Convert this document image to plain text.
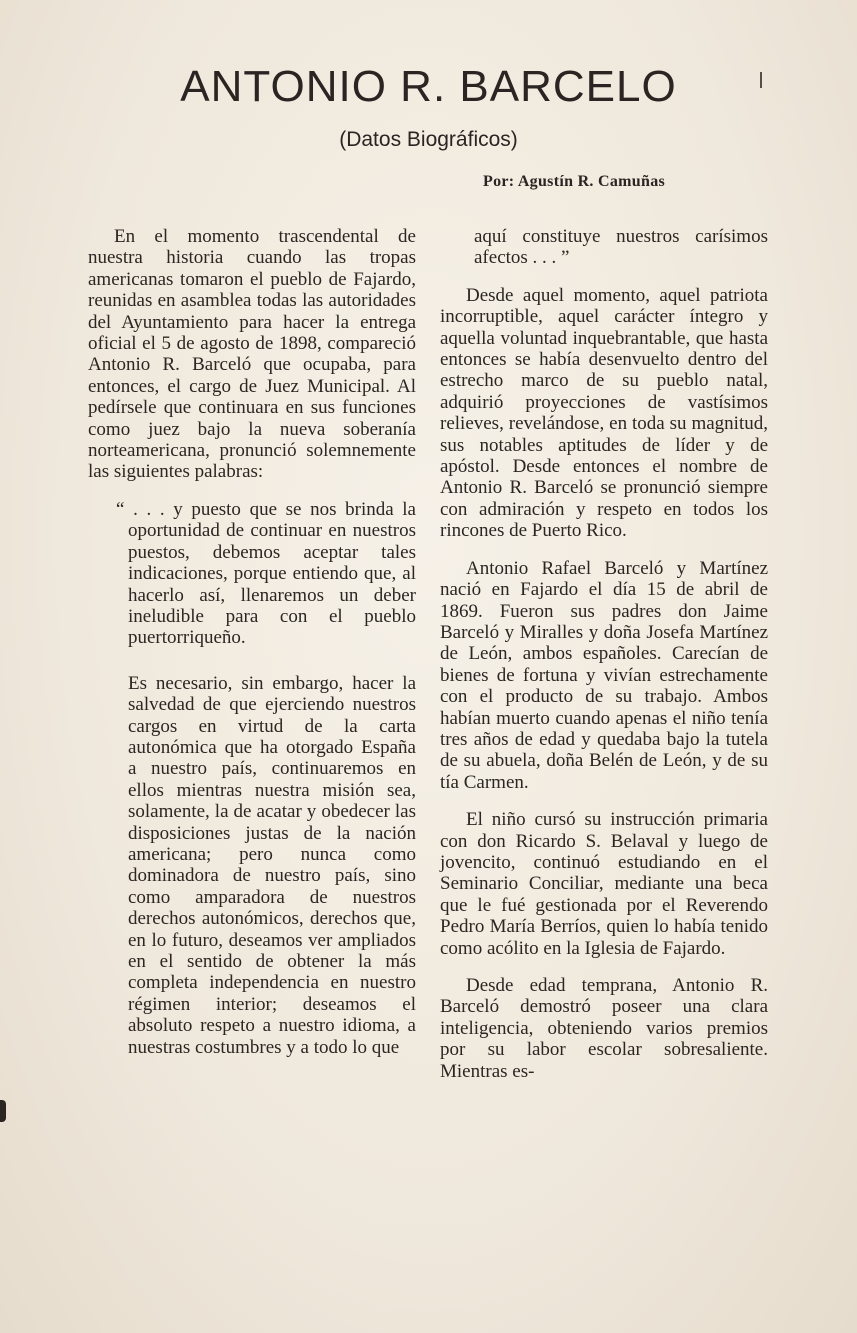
ANTONIO R. BARCELO
(Datos Biográficos)
Por: Agustín R. Camuñas

En el momento trascendental de nuestra historia cuando las tropas americanas tomaron el pueblo de Fajardo, reunidas en asamblea todas las autoridades del Ayuntamiento para hacer la entrega oficial el 5 de agosto de 1898, compareció Antonio R. Barceló que ocupaba, para entonces, el cargo de Juez Municipal. Al pedírsele que continuara en sus funciones como juez bajo la nueva soberanía norteamericana, pronunció solemnemente las siguientes palabras:

“ . . . y puesto que se nos brinda la oportunidad de continuar en nuestros puestos, debemos aceptar tales indicaciones, porque entiendo que, al hacerlo así, llenaremos un deber ineludible para con el pueblo puertorriqueño.

Es necesario, sin embargo, hacer la salvedad de que ejerciendo nuestros cargos en virtud de la carta autonómica que ha otorgado España a nuestro país, continuaremos en ellos mientras nuestra misión sea, solamente, la de acatar y obedecer las disposiciones justas de la nación americana; pero nunca como dominadora de nuestro país, sino como amparadora de nuestros derechos autonómicos, derechos que, en lo futuro, deseamos ver ampliados en el sentido de obtener la más completa independencia en nuestro régimen interior; deseamos el absoluto respeto a nuestro idioma, a nuestras costumbres y a todo lo que

aquí constituye nuestros carísimos afectos . . . ”

Desde aquel momento, aquel patriota incorruptible, aquel carácter íntegro y aquella voluntad inquebrantable, que hasta entonces se había desenvuelto dentro del estrecho marco de su pueblo natal, adquirió proyecciones de vastísimos relieves, revelándose, en toda su magnitud, sus notables aptitudes de líder y de apóstol. Desde entonces el nombre de Antonio R. Barceló se pronunció siempre con admiración y respeto en todos los rincones de Puerto Rico.

Antonio Rafael Barceló y Martínez nació en Fajardo el día 15 de abril de 1869. Fueron sus padres don Jaime Barceló y Miralles y doña Josefa Martínez de León, ambos españoles. Carecían de bienes de fortuna y vivían estrechamente con el producto de su trabajo. Ambos habían muerto cuando apenas el niño tenía tres años de edad y quedaba bajo la tutela de su abuela, doña Belén de León, y de su tía Carmen.

El niño cursó su instrucción primaria con don Ricardo S. Belaval y luego de jovencito, continuó estudiando en el Seminario Conciliar, mediante una beca que le fué gestionada por el Reverendo Pedro María Berríos, quien lo había tenido como acólito en la Iglesia de Fajardo.

Desde edad temprana, Antonio R. Barceló demostró poseer una clara inteligencia, obteniendo varios premios por su labor escolar sobresaliente. Mientras es-
